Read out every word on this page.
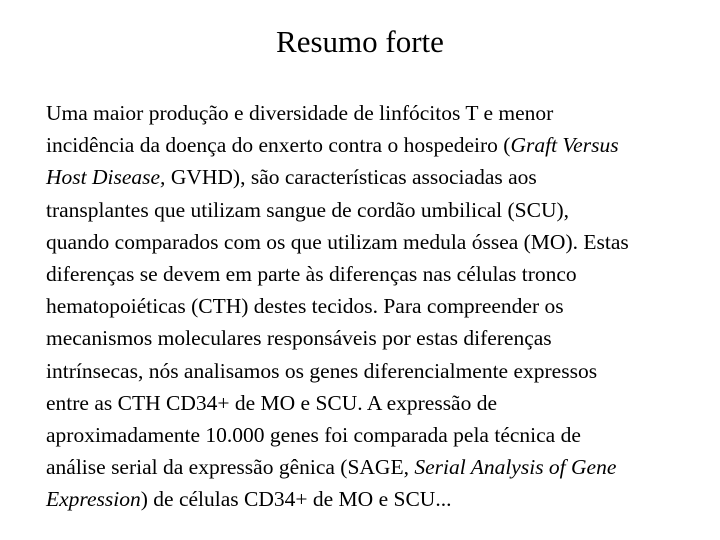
Resumo forte
Uma maior produção e diversidade de linfócitos T e menor
incidência da doença do enxerto contra o hospedeiro (Graft Versus
Host Disease, GVHD), são características associadas aos
transplantes que utilizam sangue de cordão umbilical (SCU),
quando comparados com os que utilizam medula óssea (MO). Estas
diferenças se devem em parte às diferenças nas células tronco
hematopoiéticas (CTH) destes tecidos. Para compreender os
mecanismos moleculares responsáveis por estas diferenças
intrínsecas, nós analisamos os genes diferencialmente expressos
entre as CTH CD34+ de MO e SCU. A expressão de
aproximadamente 10.000 genes foi comparada pela técnica de
análise serial da expressão gênica (SAGE, Serial Analysis of Gene
Expression) de células CD34+ de MO e SCU...
